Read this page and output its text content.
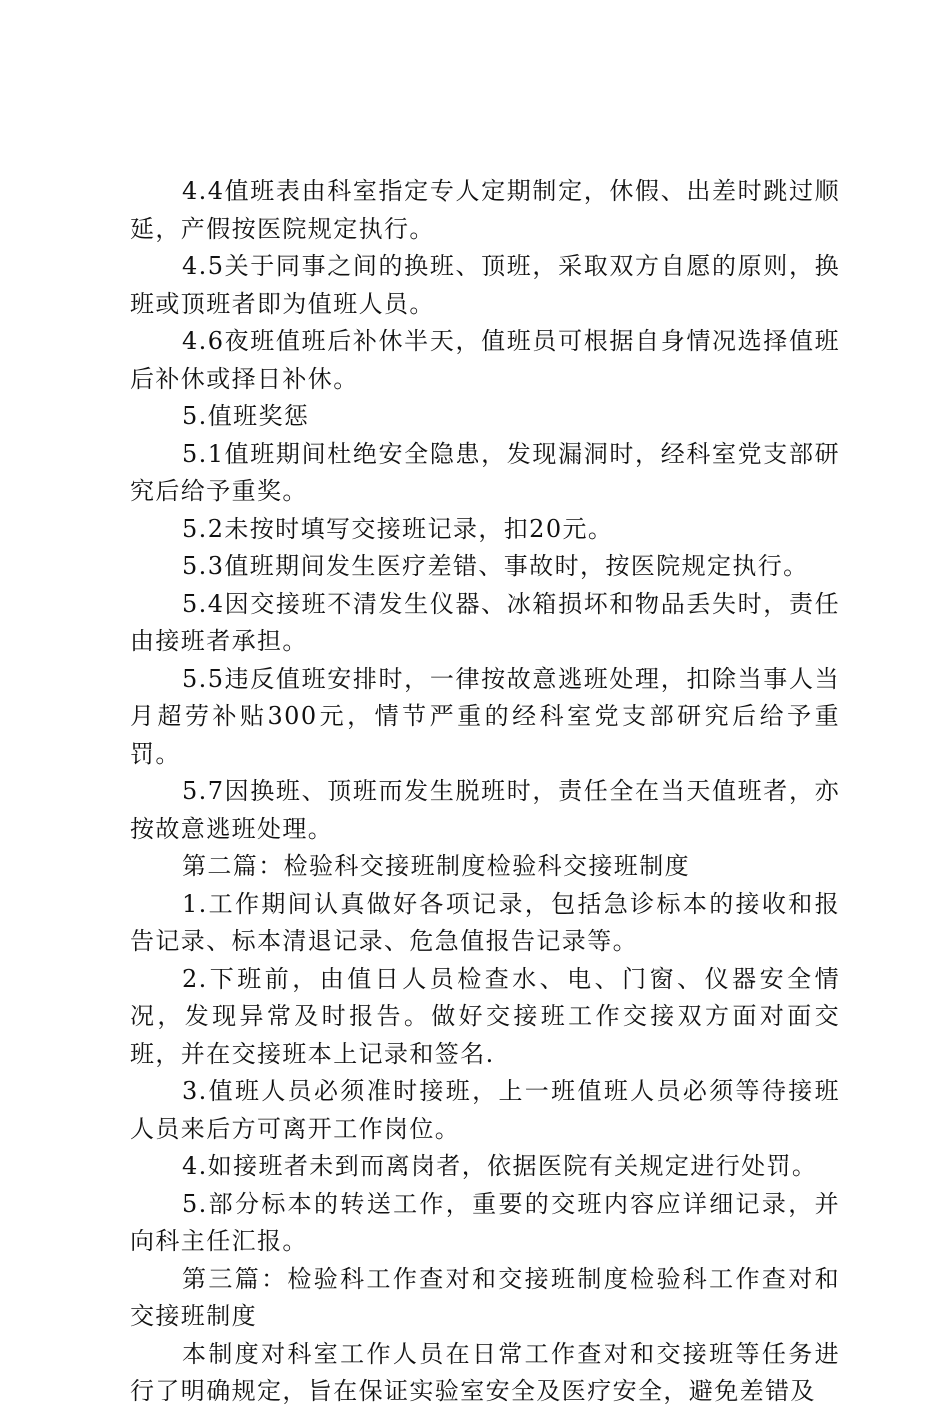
4.4值班表由科室指定专人定期制定，休假、出差时跳过顺延，产假按医院规定执行。

4.5关于同事之间的换班、顶班，采取双方自愿的原则，换班或顶班者即为值班人员。

4.6夜班值班后补休半天，值班员可根据自身情况选择值班后补休或择日补休。

5.值班奖惩

5.1值班期间杜绝安全隐患，发现漏洞时，经科室党支部研究后给予重奖。

5.2未按时填写交接班记录，扣20元。

5.3值班期间发生医疗差错、事故时，按医院规定执行。

5.4因交接班不清发生仪器、冰箱损坏和物品丢失时，责任由接班者承担。

5.5违反值班安排时，一律按故意逃班处理，扣除当事人当月超劳补贴300元，情节严重的经科室党支部研究后给予重罚。

5.7因换班、顶班而发生脱班时，责任全在当天值班者，亦按故意逃班处理。

第二篇：检验科交接班制度检验科交接班制度

1.工作期间认真做好各项记录，包括急诊标本的接收和报告记录、标本清退记录、危急值报告记录等。

2.下班前，由值日人员检查水、电、门窗、仪器安全情况，发现异常及时报告。做好交接班工作交接双方面对面交班，并在交接班本上记录和签名.

3.值班人员必须准时接班，上一班值班人员必须等待接班人员来后方可离开工作岗位。

4.如接班者未到而离岗者，依据医院有关规定进行处罚。

5.部分标本的转送工作，重要的交班内容应详细记录，并向科主任汇报。

第三篇：检验科工作查对和交接班制度检验科工作查对和交接班制度

本制度对科室工作人员在日常工作查对和交接班等任务进行了明确规定，旨在保证实验室安全及医疗安全，避免差错及
